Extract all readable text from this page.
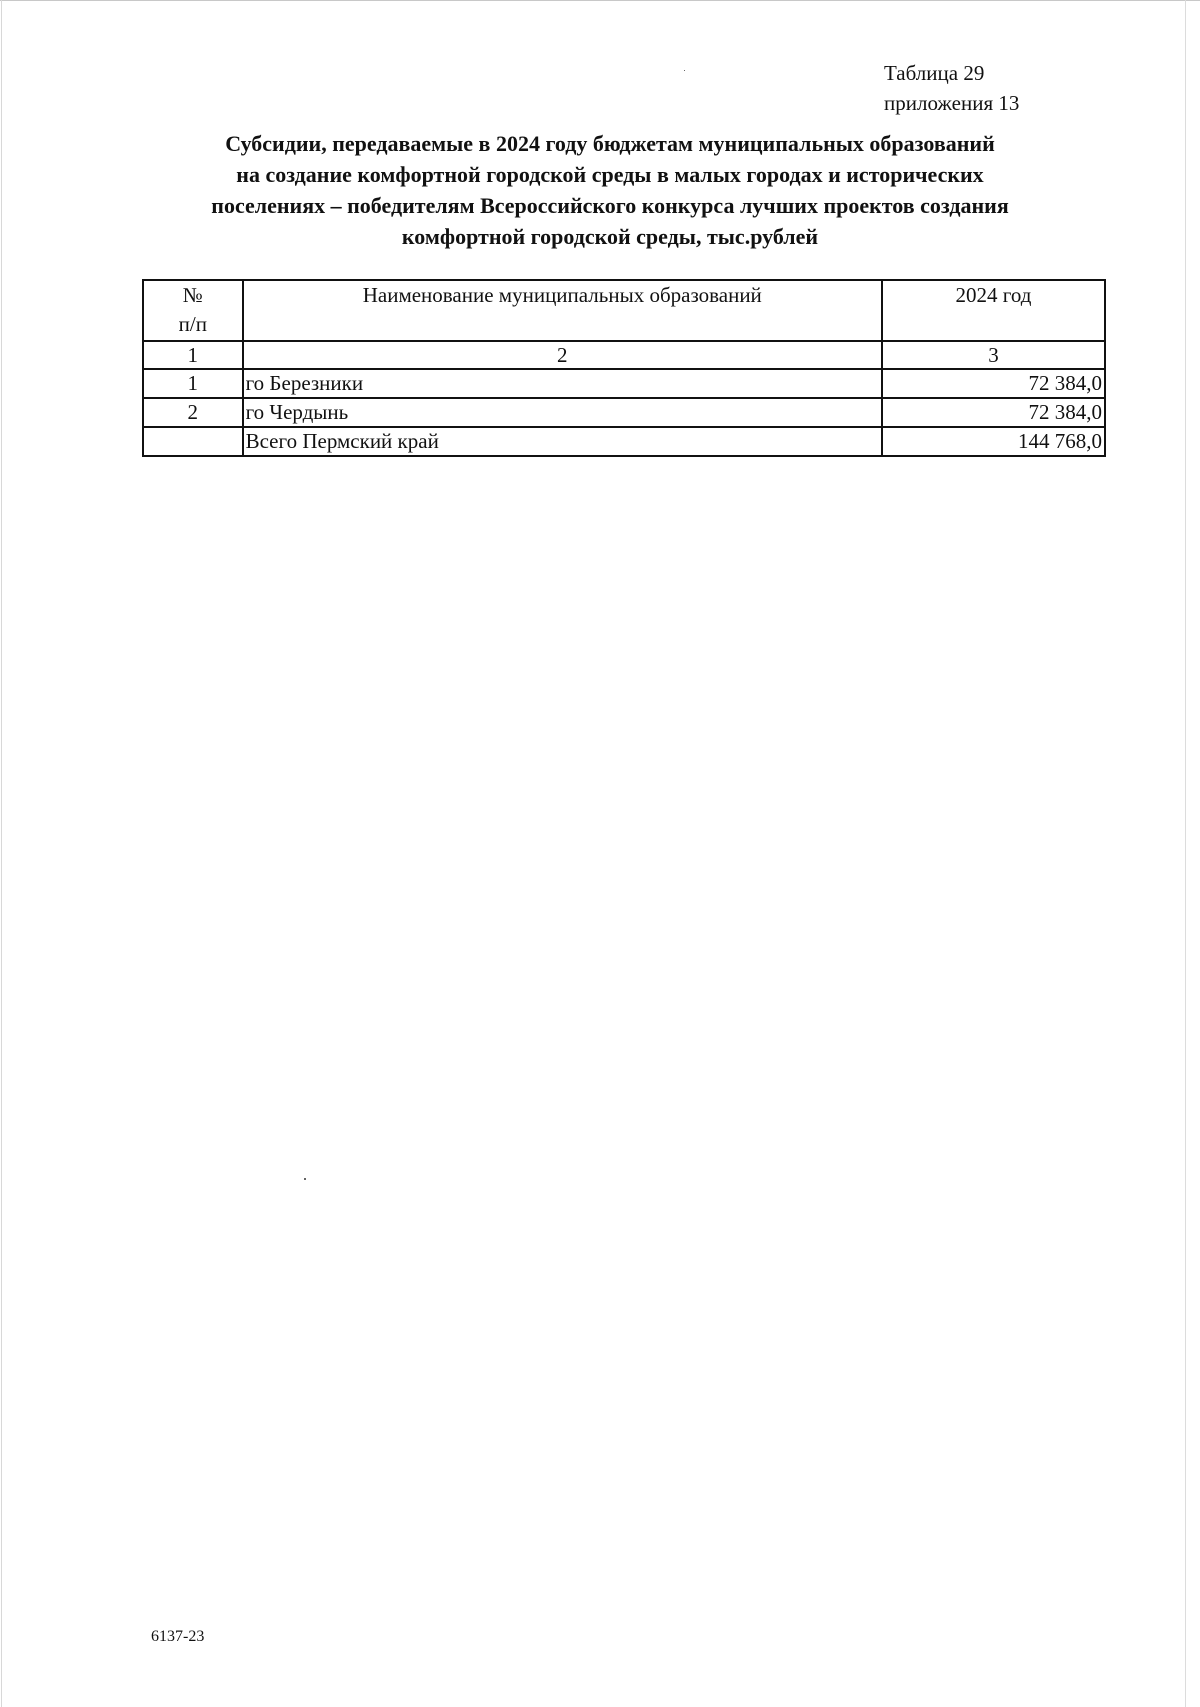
Таблица 29
приложения 13
Субсидии, передаваемые в 2024 году бюджетам муниципальных образований
на создание комфортной городской среды в малых городах и исторических
поселениях – победителям Всероссийского конкурса лучших проектов создания
комфортной городской среды, тыс.рублей
№
п/п	Наименование муниципальных образований	2024 год
1	2	3
1	го Березники	72 384,0
2	го Чердынь	72 384,0
	Всего Пермский край	144 768,0
6137-23
